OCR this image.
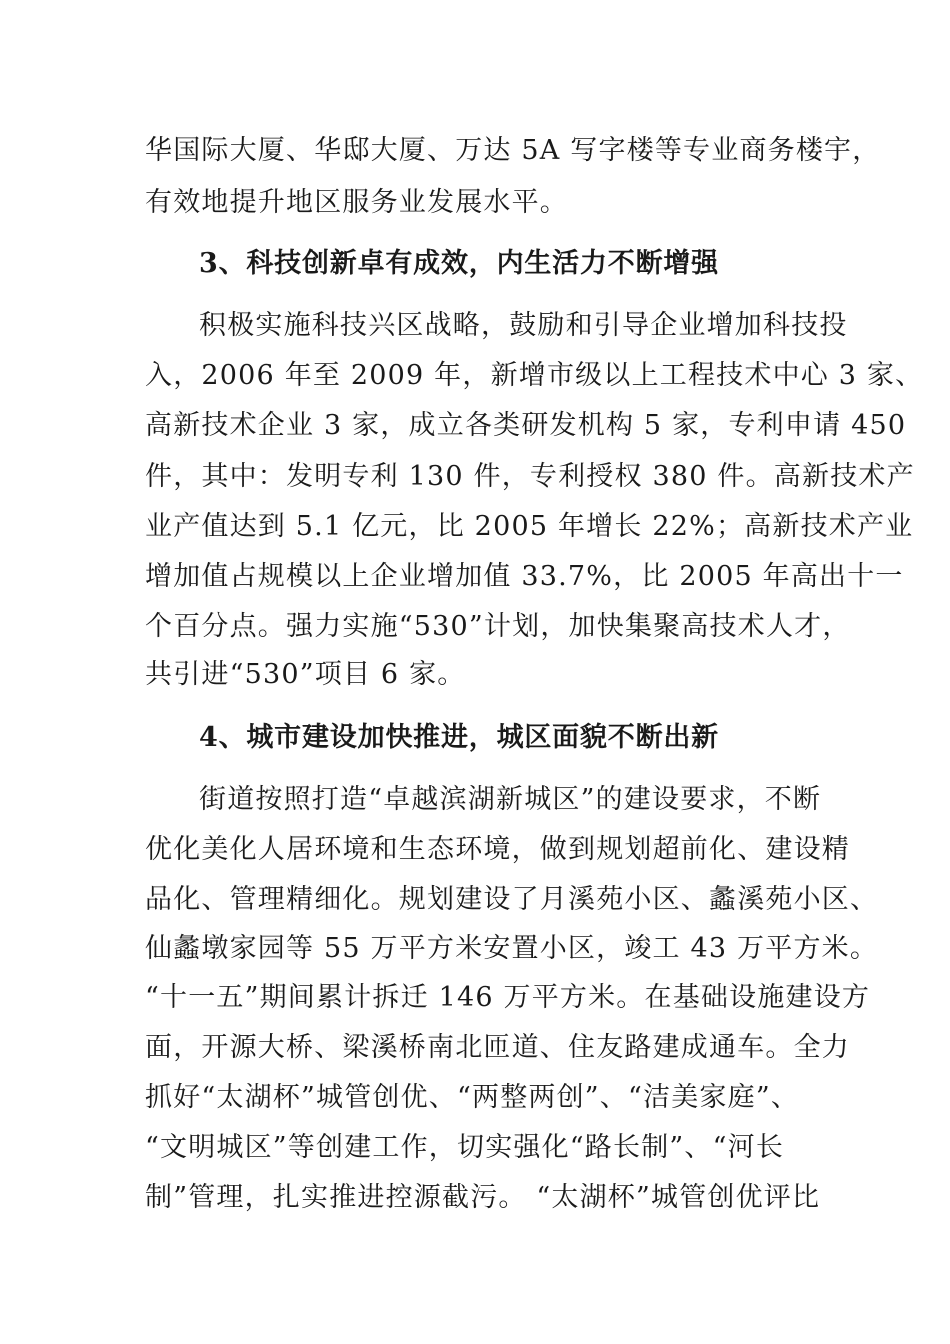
华国际大厦、华邸大厦、万达 5A 写字楼等专业商务楼宇，
有效地提升地区服务业发展水平。
3、科技创新卓有成效，内生活力不断增强
积极实施科技兴区战略，鼓励和引导企业增加科技投
入，2006 年至 2009 年，新增市级以上工程技术中心 3 家、
高新技术企业 3 家，成立各类研发机构 5 家，专利申请 450
件，其中：发明专利 130 件，专利授权 380 件。高新技术产
业产值达到 5.1 亿元，比 2005 年增长 22%；高新技术产业
增加值占规模以上企业增加值 33.7%，比 2005 年高出十一
个百分点。强力实施“530”计划，加快集聚高技术人才，
共引进“530”项目 6 家。
4、城市建设加快推进，城区面貌不断出新
街道按照打造“卓越滨湖新城区”的建设要求，不断
优化美化人居环境和生态环境，做到规划超前化、建设精
品化、管理精细化。规划建设了月溪苑小区、蠡溪苑小区、
仙蠡墩家园等 55 万平方米安置小区，竣工 43 万平方米。
“十一五”期间累计拆迁 146 万平方米。在基础设施建设方
面，开源大桥、梁溪桥南北匝道、住友路建成通车。全力
抓好“太湖杯”城管创优、“两整两创”、“洁美家庭”、
“文明城区”等创建工作，切实强化“路长制”、“河长
制”管理，扎实推进控源截污。 “太湖杯”城管创优评比
